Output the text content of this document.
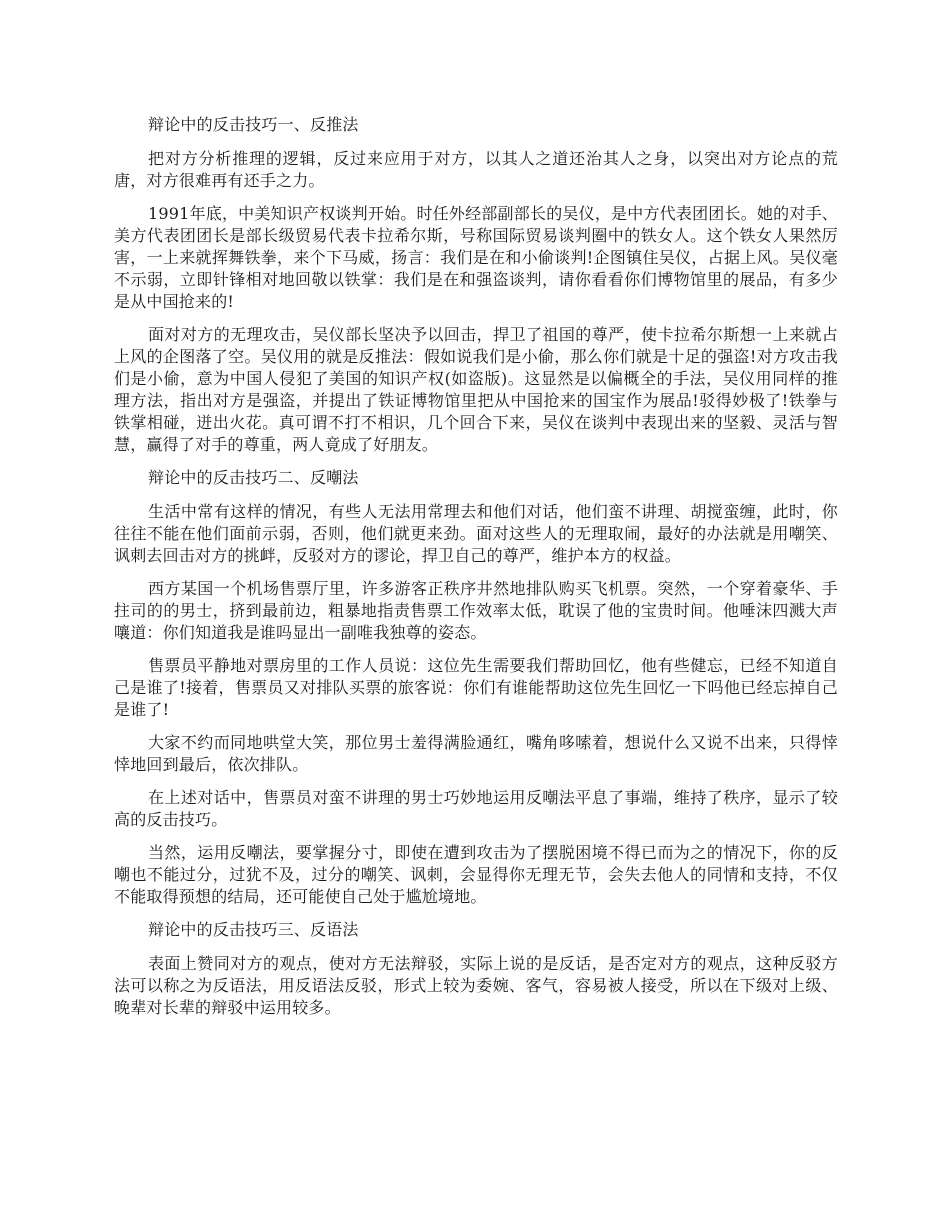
辩论中的反击技巧一、反推法

把对方分析推理的逻辑，反过来应用于对方，以其人之道还治其人之身，以突出对方论点的荒唐，对方很难再有还手之力。

1991年底，中美知识产权谈判开始。时任外经部副部长的吴仪，是中方代表团团长。她的对手、美方代表团团长是部长级贸易代表卡拉希尔斯，号称国际贸易谈判圈中的铁女人。这个铁女人果然厉害，一上来就挥舞铁拳，来个下马威，扬言：我们是在和小偷谈判!企图镇住吴仪，占据上风。吴仪毫不示弱，立即针锋相对地回敬以铁掌：我们是在和强盗谈判，请你看看你们博物馆里的展品，有多少是从中国抢来的!

面对对方的无理攻击，吴仪部长坚决予以回击，捍卫了祖国的尊严，使卡拉希尔斯想一上来就占上风的企图落了空。吴仪用的就是反推法：假如说我们是小偷，那么你们就是十足的强盗!对方攻击我们是小偷，意为中国人侵犯了美国的知识产权(如盗版)。这显然是以偏概全的手法，吴仪用同样的推理方法，指出对方是强盗，并提出了铁证博物馆里把从中国抢来的国宝作为展品!驳得妙极了!铁拳与铁掌相碰，迸出火花。真可谓不打不相识，几个回合下来，吴仪在谈判中表现出来的坚毅、灵活与智慧，赢得了对手的尊重，两人竟成了好朋友。

辩论中的反击技巧二、反嘲法

生活中常有这样的情况，有些人无法用常理去和他们对话，他们蛮不讲理、胡搅蛮缠，此时，你往往不能在他们面前示弱，否则，他们就更来劲。面对这些人的无理取闹，最好的办法就是用嘲笑、讽刺去回击对方的挑衅，反驳对方的谬论，捍卫自己的尊严，维护本方的权益。

西方某国一个机场售票厅里，许多游客正秩序井然地排队购买飞机票。突然，一个穿着豪华、手拄司的的男士，挤到最前边，粗暴地指责售票工作效率太低，耽误了他的宝贵时间。他唾沫四溅大声嚷道：你们知道我是谁吗显出一副唯我独尊的姿态。

售票员平静地对票房里的工作人员说：这位先生需要我们帮助回忆，他有些健忘，已经不知道自己是谁了!接着，售票员又对排队买票的旅客说：你们有谁能帮助这位先生回忆一下吗他已经忘掉自己是谁了!

大家不约而同地哄堂大笑，那位男士羞得满脸通红，嘴角哆嗦着，想说什么又说不出来，只得悻悻地回到最后，依次排队。

在上述对话中，售票员对蛮不讲理的男士巧妙地运用反嘲法平息了事端，维持了秩序，显示了较高的反击技巧。

当然，运用反嘲法，要掌握分寸，即使在遭到攻击为了摆脱困境不得已而为之的情况下，你的反嘲也不能过分，过犹不及，过分的嘲笑、讽刺，会显得你无理无节，会失去他人的同情和支持，不仅不能取得预想的结局，还可能使自己处于尴尬境地。

辩论中的反击技巧三、反语法

表面上赞同对方的观点，使对方无法辩驳，实际上说的是反话，是否定对方的观点，这种反驳方法可以称之为反语法，用反语法反驳，形式上较为委婉、客气，容易被人接受，所以在下级对上级、晚辈对长辈的辩驳中运用较多。
